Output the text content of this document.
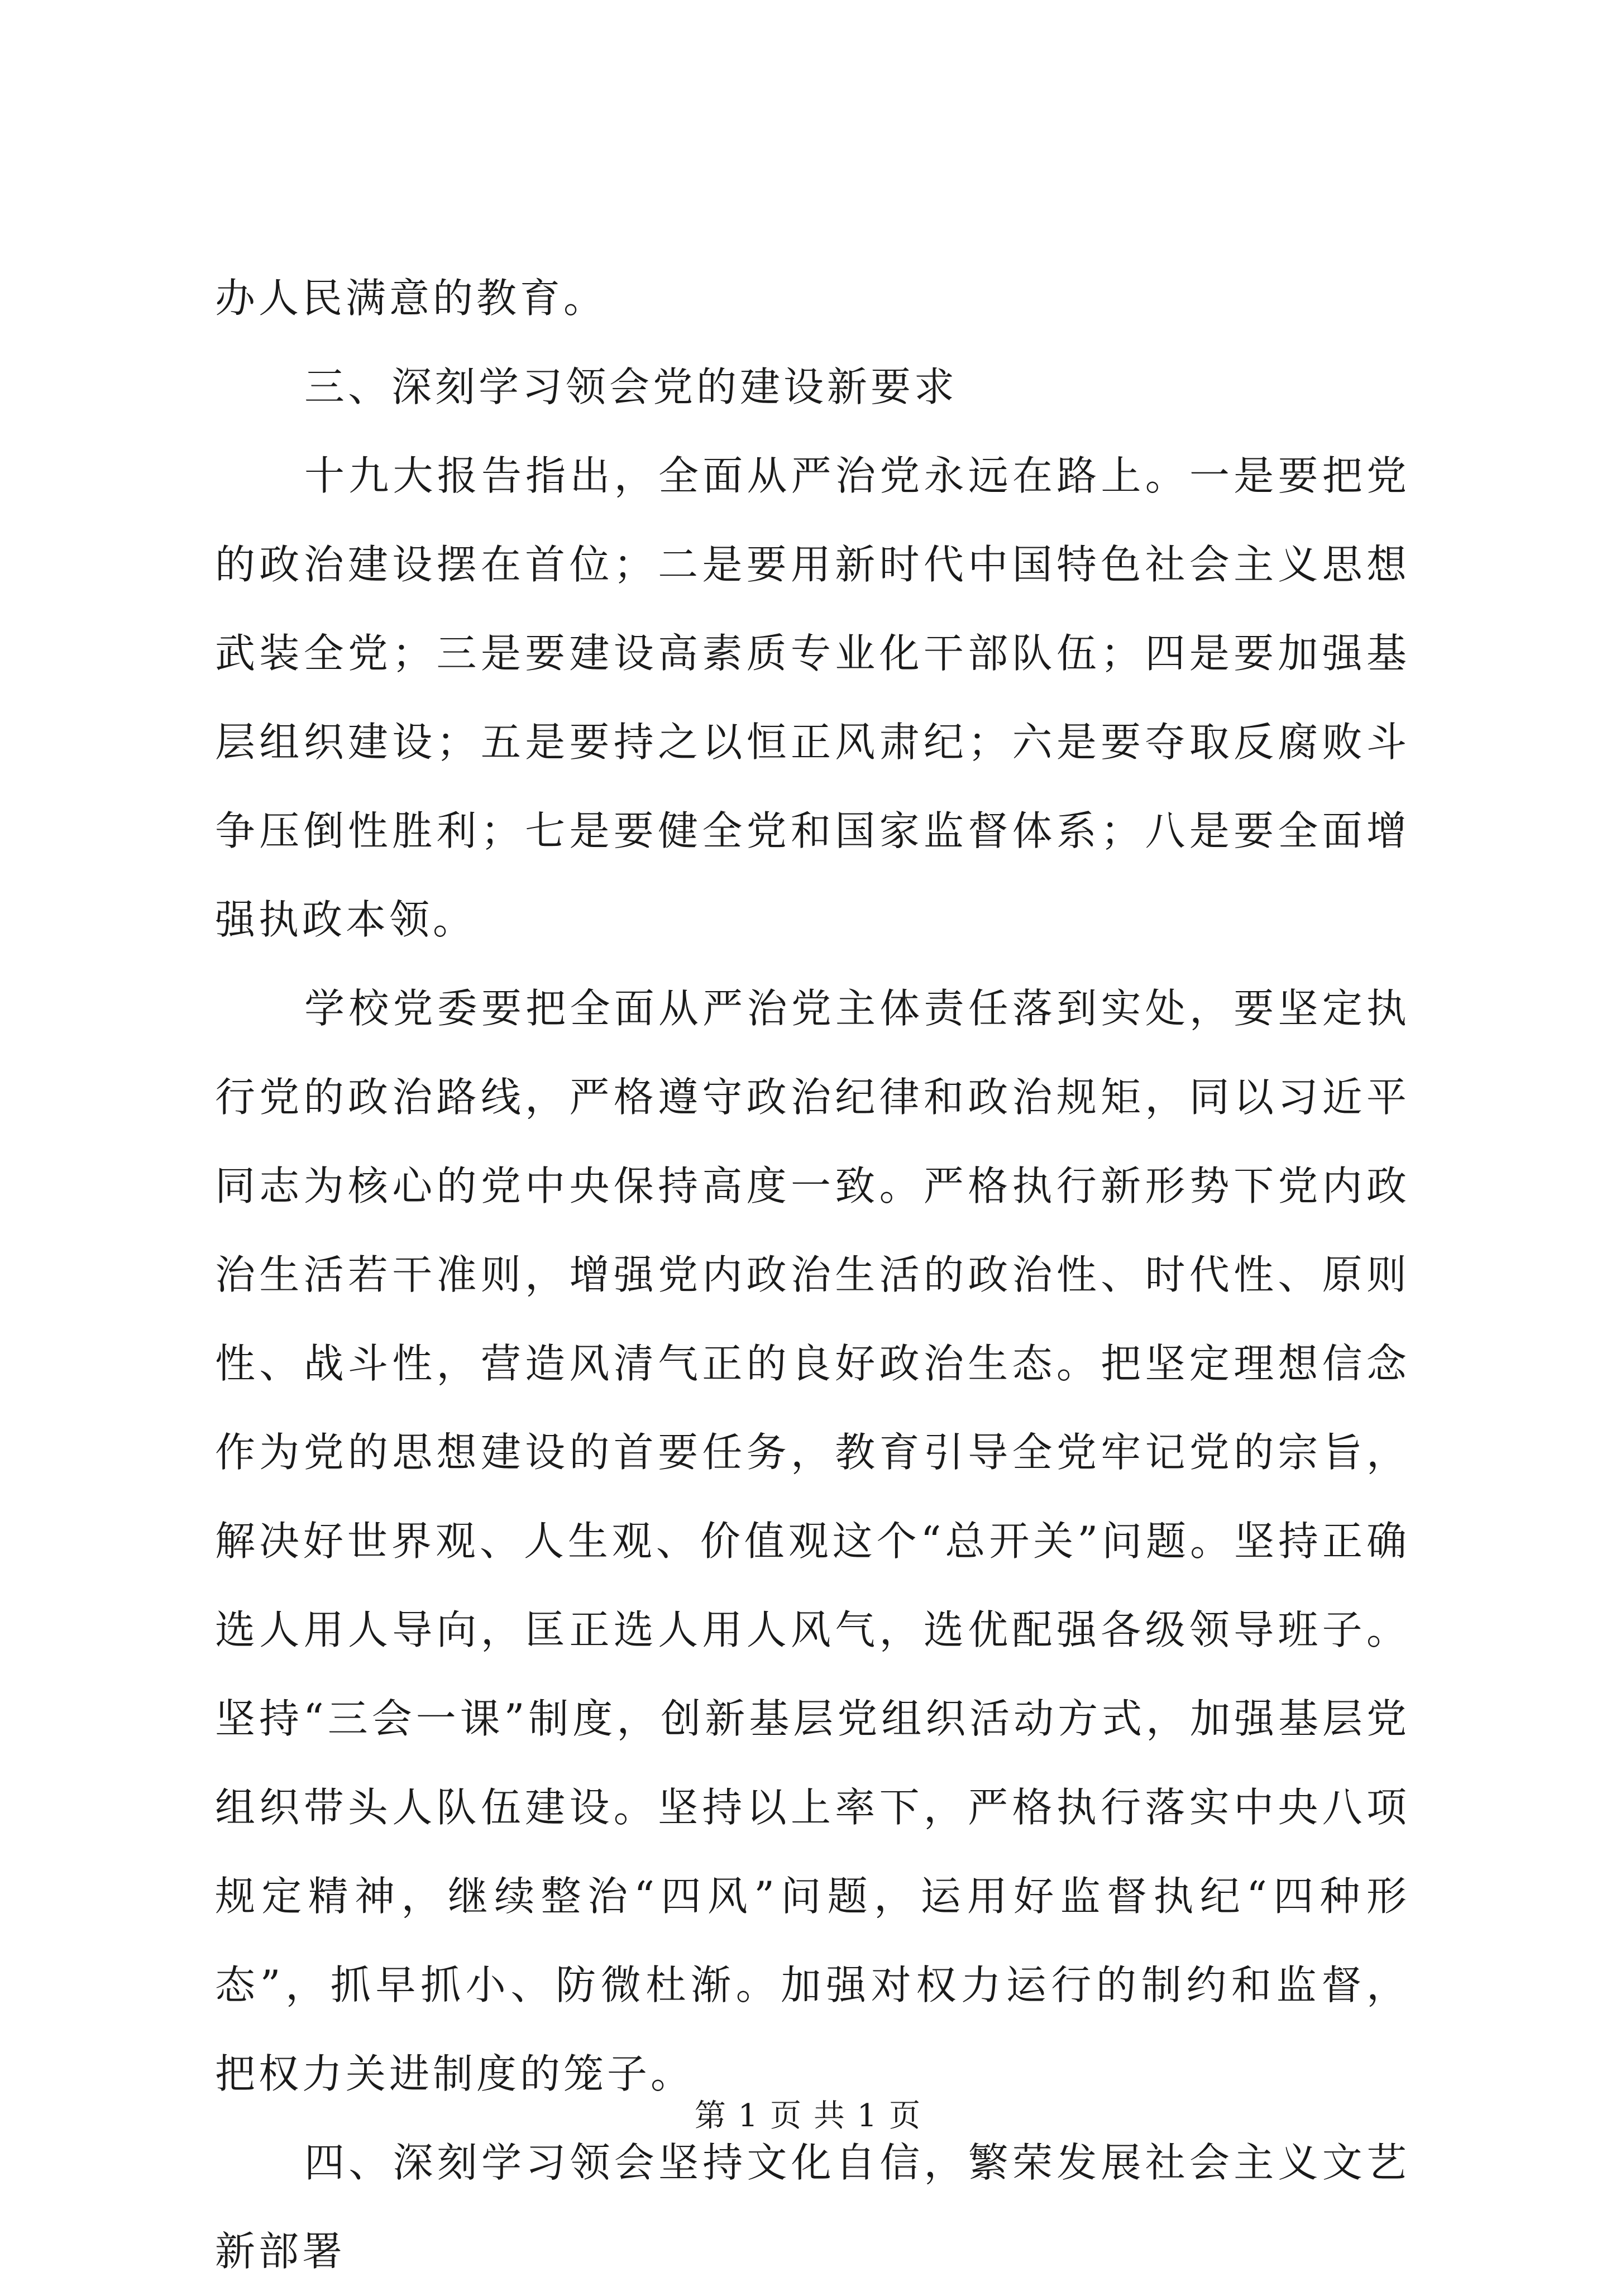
办人民满意的教育。

三、深刻学习领会党的建设新要求

十九大报告指出，全面从严治党永远在路上。一是要把党的政治建设摆在首位；二是要用新时代中国特色社会主义思想武装全党；三是要建设高素质专业化干部队伍；四是要加强基层组织建设；五是要持之以恒正风肃纪；六是要夺取反腐败斗争压倒性胜利；七是要健全党和国家监督体系；八是要全面增强执政本领。

学校党委要把全面从严治党主体责任落到实处，要坚定执行党的政治路线，严格遵守政治纪律和政治规矩，同以习近平同志为核心的党中央保持高度一致。严格执行新形势下党内政治生活若干准则，增强党内政治生活的政治性、时代性、原则性、战斗性，营造风清气正的良好政治生态。把坚定理想信念作为党的思想建设的首要任务，教育引导全党牢记党的宗旨，解决好世界观、人生观、价值观这个“总开关”问题。坚持正确选人用人导向，匡正选人用人风气，选优配强各级领导班子。坚持“三会一课”制度，创新基层党组织活动方式，加强基层党组织带头人队伍建设。坚持以上率下，严格执行落实中央八项规定精神，继续整治“四风”问题，运用好监督执纪“四种形态”，抓早抓小、防微杜渐。加强对权力运行的制约和监督，把权力关进制度的笼子。

四、深刻学习领会坚持文化自信，繁荣发展社会主义文艺新部署

第 1 页 共 1 页
